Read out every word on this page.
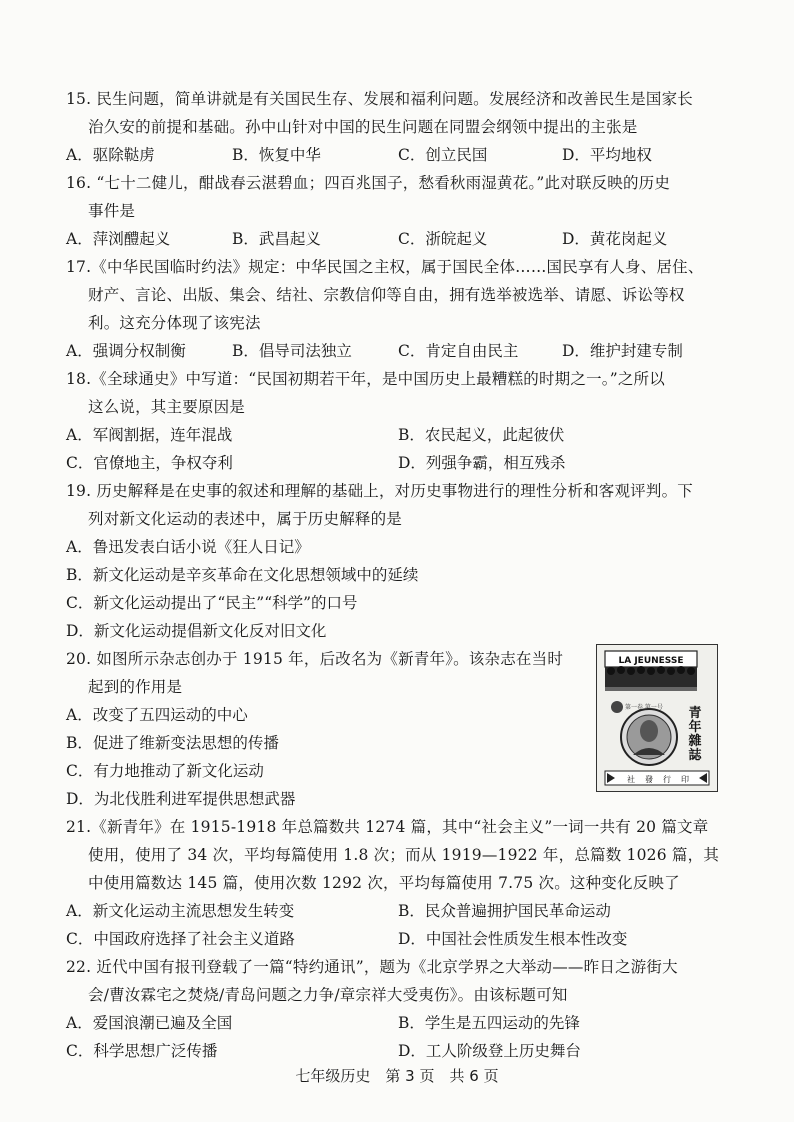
15. 民生问题，简单讲就是有关国民生存、发展和福利问题。发展经济和改善民生是国家长
治久安的前提和基础。孙中山针对中国的民生问题在同盟会纲领中提出的主张是
A．驱除鞑虏	B．恢复中华	C．创立民国	D．平均地权
16. “七十二健儿，酣战春云湛碧血；四百兆国子，愁看秋雨湿黄花。”此对联反映的历史
事件是
A．萍浏醴起义	B．武昌起义	C．浙皖起义	D．黄花岗起义
17.《中华民国临时约法》规定：中华民国之主权，属于国民全体……国民享有人身、居住、
财产、言论、出版、集会、结社、宗教信仰等自由，拥有选举被选举、请愿、诉讼等权
利。这充分体现了该宪法
A．强调分权制衡	B．倡导司法独立	C．肯定自由民主	D．维护封建专制
18.《全球通史》中写道：“民国初期若干年，是中国历史上最糟糕的时期之一。”之所以
这么说，其主要原因是
A．军阀割据，连年混战	B．农民起义，此起彼伏
C．官僚地主，争权夺利	D．列强争霸，相互残杀
19. 历史解释是在史事的叙述和理解的基础上，对历史事物进行的理性分析和客观评判。下
列对新文化运动的表述中，属于历史解释的是
A．鲁迅发表白话小说《狂人日记》
B．新文化运动是辛亥革命在文化思想领域中的延续
C．新文化运动提出了“民主”“科学”的口号
D．新文化运动提倡新文化反对旧文化
20. 如图所示杂志创办于 1915 年，后改名为《新青年》。该杂志在当时
起到的作用是
A．改变了五四运动的中心
B．促进了维新变法思想的传播
C．有力地推动了新文化运动
D．为北伐胜利进军提供思想武器
LA JEUNESSE
第一卷 第一号 青
年
雜
誌
社 發 行 印
21.《新青年》在 1915-1918 年总篇数共 1274 篇，其中“社会主义”一词一共有 20 篇文章
使用，使用了 34 次，平均每篇使用 1.8 次；而从 1919—1922 年，总篇数 1026 篇，其
中使用篇数达 145 篇，使用次数 1292 次，平均每篇使用 7.75 次。这种变化反映了
A．新文化运动主流思想发生转变	B．民众普遍拥护国民革命运动
C．中国政府选择了社会主义道路	D．中国社会性质发生根本性改变
22. 近代中国有报刊登载了一篇“特约通讯”，题为《北京学界之大举动——昨日之游街大
会/曹汝霖宅之焚烧/青岛问题之力争/章宗祥大受夷伤》。由该标题可知
A．爱国浪潮已遍及全国	B．学生是五四运动的先锋
C．科学思想广泛传播	D．工人阶级登上历史舞台
七年级历史　第 3 页　共 6 页
